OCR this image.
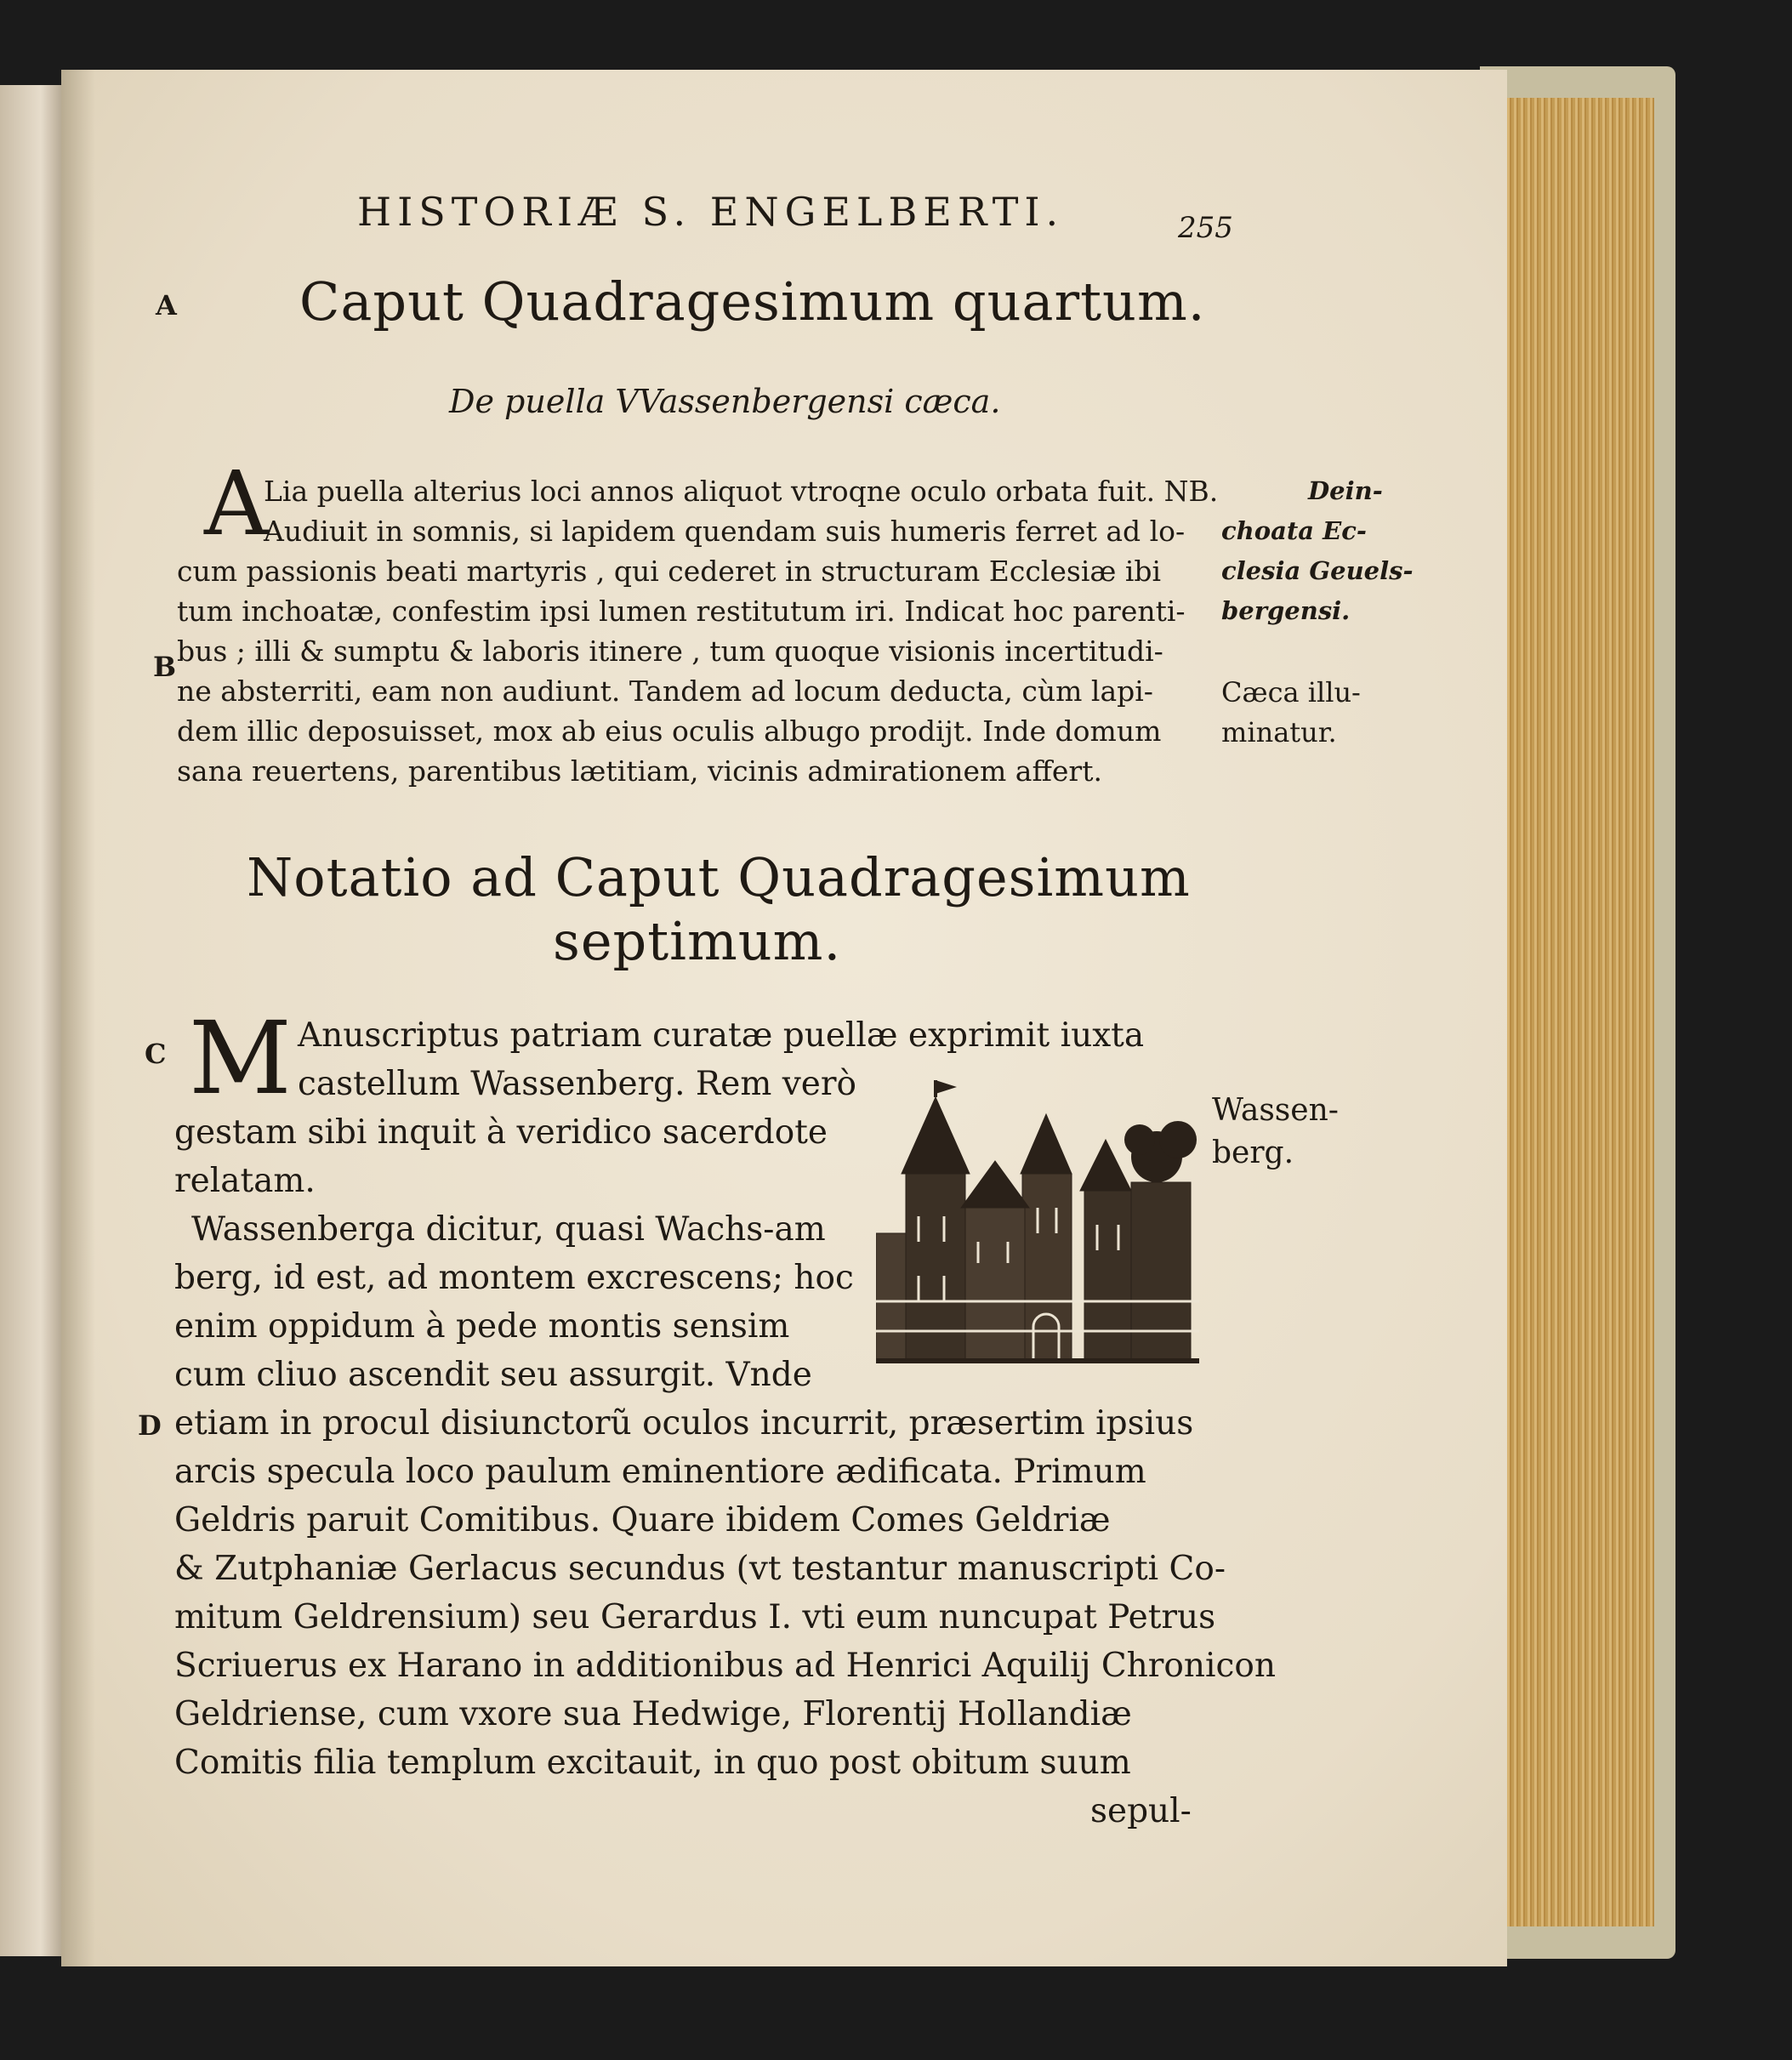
HISTORIÆ S. ENGELBERTI.	255
A Caput Quadragesimum quartum.
De puella VVassenbergensi cæca.
A
Lia puella alterius loci annos aliquot vtroqne oculo orbata fuit. NB.
Audiuit in somnis, si lapidem quendam suis humeris ferret ad lo-
cum passionis beati martyris , qui cederet in structuram Ecclesiæ ibi
tum inchoatæ, confestim ipsi lumen restitutum iri. Indicat hoc parenti-
bus ; illi & sumptu & laboris itinere , tum quoque visionis incertitudi-
ne absterriti, eam non audiunt. Tandem ad locum deducta, cùm lapi-
dem illic deposuisset, mox ab eius oculis albugo prodijt. Inde domum
sana reuertens, parentibus lætitiam, vicinis admirationem affert.
B
Dein-
choata Ec-
clesia Geuels-
bergensi.
Cæca illu-
minatur.
Notatio ad Caput Quadragesimum
septimum.
C M Anuscriptus patriam curatæ puellæ exprimit iuxta
castellum Wassenberg. Rem verò
gestam sibi inquit à veridico sacerdote
relatam.
Wassenberga dicitur, quasi Wachs-am
berg, id est, ad montem excrescens; hoc
enim oppidum à pede montis sensim
cum cliuo ascendit seu assurgit. Vnde
D etiam in procul disiunctorũ oculos incurrit, præsertim ipsius
arcis specula loco paulum eminentiore ædificata. Primum
Geldris paruit Comitibus. Quare ibidem Comes Geldriæ
& Zutphaniæ Gerlacus secundus (vt testantur manuscripti Co-
mitum Geldrensium) seu Gerardus I. vti eum nuncupat Petrus
Scriuerus ex Harano in additionibus ad Henrici Aquilij Chronicon
Geldriense, cum vxore sua Hedwige, Florentij Hollandiæ
Comitis filia templum excitauit, in quo post obitum suum
sepul-
Wassen-
berg.
